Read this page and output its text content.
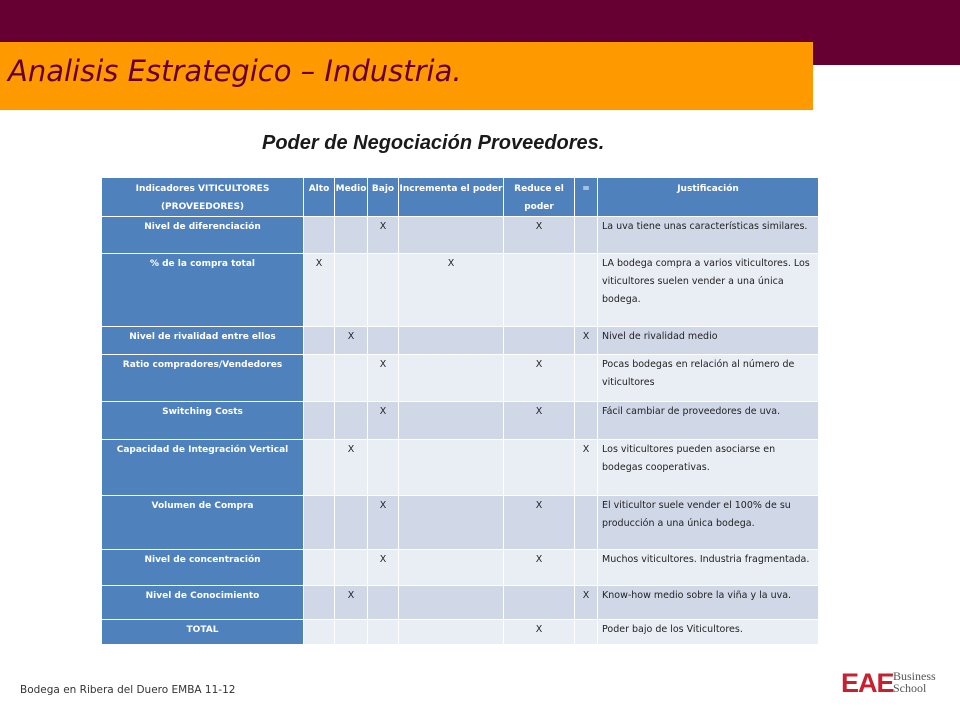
Analisis Estrategico – Industria.
Poder de Negociación Proveedores.
Indicadores VITICULTORES (PROVEEDORES)	Alto	Medio	Bajo	Incrementa el poder	Reduce el poder	=	Justificación
Nivel de diferenciación			X		X		La uva tiene unas características similares.
% de la compra total	X			X			LA bodega compra a varios viticultores. Los viticultores suelen vender a una única bodega.
Nivel de rivalidad entre ellos		X				X	Nivel de rivalidad medio
Ratio compradores/Vendedores			X		X		Pocas bodegas en relación al número de viticultores
Switching Costs			X		X		Fácil cambiar de proveedores de uva.
Capacidad de Integración Vertical		X				X	Los viticultores pueden asociarse en bodegas cooperativas.
Volumen de Compra			X		X		El viticultor suele vender el 100% de su producción a una única bodega.
Nivel de concentración			X		X		Muchos viticultores. Industria fragmentada.
Nivel de Conocimiento		X				X	Know-how medio sobre la viña y la uva.
TOTAL					X		Poder bajo de los Viticultores.
Bodega en Ribera del Duero EMBA 11-12	EAE Business
School
